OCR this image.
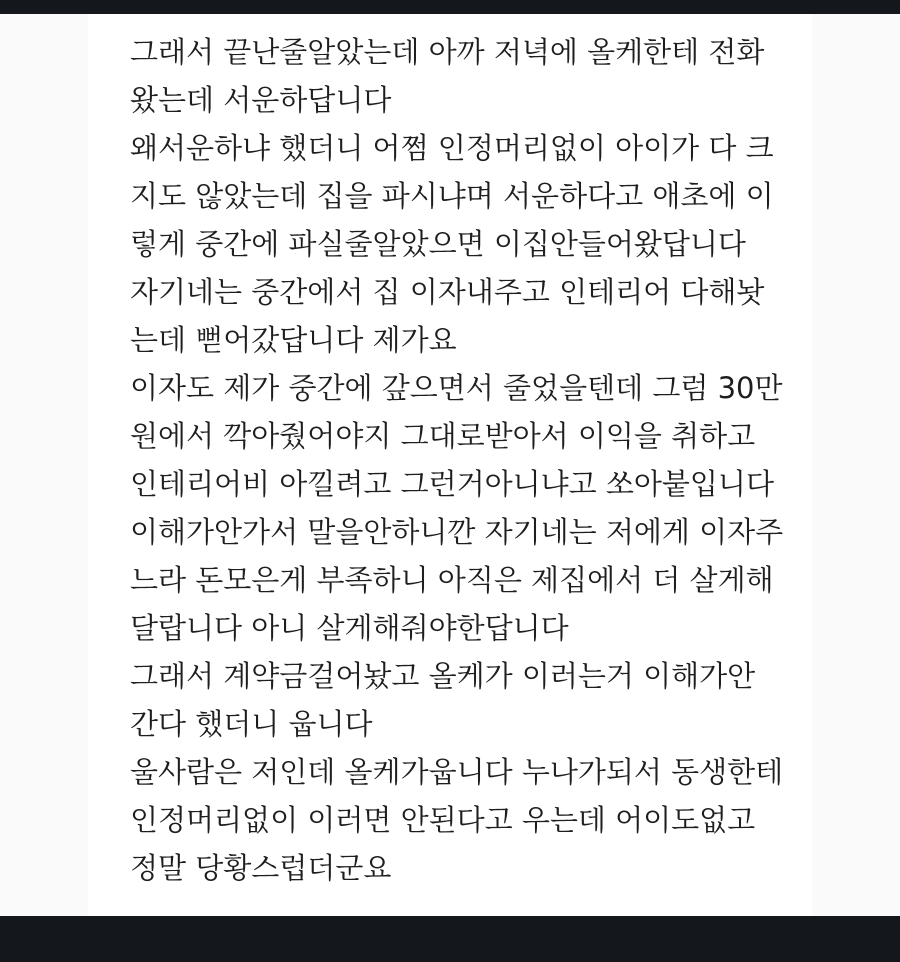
그래서 끝난줄알았는데 아까 저녁에 올케한테 전화
왔는데 서운하답니다
왜서운하냐 했더니 어쩜 인정머리없이 아이가 다 크
지도 않았는데 집을 파시냐며 서운하다고 애초에 이
렇게 중간에 파실줄알았으면 이집안들어왔답니다
자기네는 중간에서 집 이자내주고 인테리어 다해놧
는데 뻗어갔답니다 제가요
이자도 제가 중간에 갚으면서 줄었을텐데 그럼 30만
원에서 깍아줬어야지 그대로받아서 이익을 취하고
인테리어비 아낄려고 그런거아니냐고 쏘아붙입니다
이해가안가서 말을안하니깐 자기네는 저에게 이자주
느라 돈모은게 부족하니 아직은 제집에서 더 살게해
달랍니다 아니 살게해줘야한답니다
그래서 계약금걸어놨고 올케가 이러는거 이해가안
간다 했더니 웁니다
울사람은 저인데 올케가웁니다 누나가되서 동생한테
인정머리없이 이러면 안된다고 우는데 어이도없고
정말 당황스럽더군요
